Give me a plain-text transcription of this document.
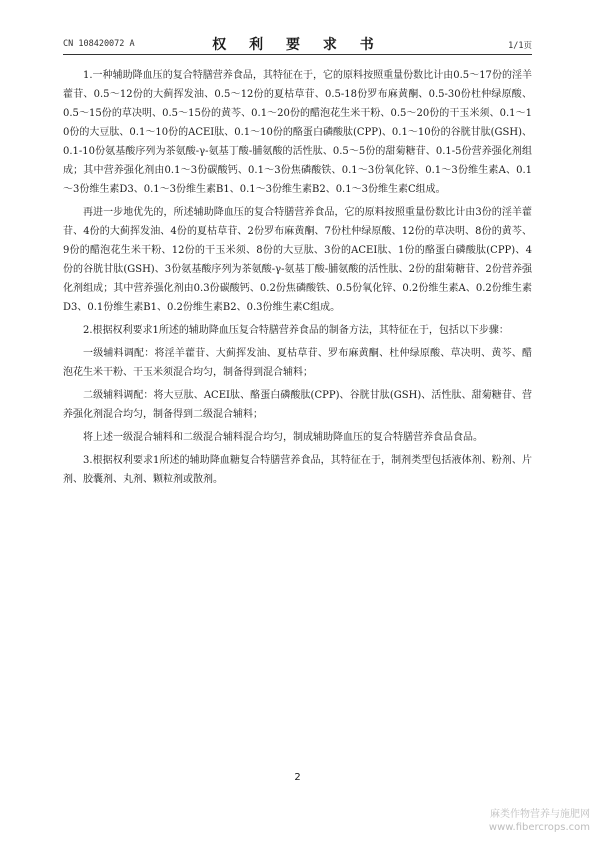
CN 108420072 A	权 利 要 求 书	1/1页

1.一种辅助降血压的复合特膳营养食品，其特征在于，它的原料按照重量份数比计由0.5～17份的淫羊藿苷、0.5～12份的大蓟挥发油、0.5～12份的夏枯草苷、0.5-18份罗布麻黄酮、0.5-30份杜仲绿原酸、0.5～15份的草决明、0.5～15份的黄芩、0.1～20份的醋泡花生米干粉、0.5～20份的干玉米须、0.1～10份的大豆肽、0.1～10份的ACEI肽、0.1～10份的酪蛋白磷酸肽(CPP)、0.1～10份的谷胱甘肽(GSH)、0.1-10份氨基酸序列为茶氨酸-γ-氨基丁酸-脯氨酸的活性肽、0.5～5份的甜菊糖苷、0.1-5份营养强化剂组成；其中营养强化剂由0.1～3份碳酸钙、0.1～3份焦磷酸铁、0.1～3份氧化锌、0.1～3份维生素A、0.1～3份维生素D3、0.1～3份维生素B1、0.1～3份维生素B2、0.1～3份维生素C组成。

再进一步地优先的，所述辅助降血压的复合特膳营养食品，它的原料按照重量份数比计由3份的淫羊藿苷、4份的大蓟挥发油、4份的夏枯草苷、2份罗布麻黄酮、7份杜仲绿原酸、12份的草决明、8份的黄芩、9份的醋泡花生米干粉、12份的干玉米须、8份的大豆肽、3份的ACEI肽、1份的酪蛋白磷酸肽(CPP)、4份的谷胱甘肽(GSH)、3份氨基酸序列为茶氨酸-γ-氨基丁酸-脯氨酸的活性肽、2份的甜菊糖苷、2份营养强化剂组成；其中营养强化剂由0.3份碳酸钙、0.2份焦磷酸铁、0.5份氧化锌、0.2份维生素A、0.2份维生素D3、0.1份维生素B1、0.2份维生素B2、0.3份维生素C组成。

2.根据权利要求1所述的辅助降血压复合特膳营养食品的制备方法，其特征在于，包括以下步骤：

一级辅料调配：将淫羊藿苷、大蓟挥发油、夏枯草苷、罗布麻黄酮、杜仲绿原酸、草决明、黄芩、醋泡花生米干粉、干玉米须混合均匀，制备得到混合辅料；

二级辅料调配：将大豆肽、ACEI肽、酪蛋白磷酸肽(CPP)、谷胱甘肽(GSH)、活性肽、甜菊糖苷、营养强化剂混合均匀，制备得到二级混合辅料；

将上述一级混合辅料和二级混合辅料混合均匀，制成辅助降血压的复合特膳营养食品食品。

3.根据权利要求1所述的辅助降血糖复合特膳营养食品，其特征在于，制剂类型包括液体剂、粉剂、片剂、胶囊剂、丸剂、颗粒剂或散剂。

2
麻类作物营养与施肥网
www.fibercrops.com
